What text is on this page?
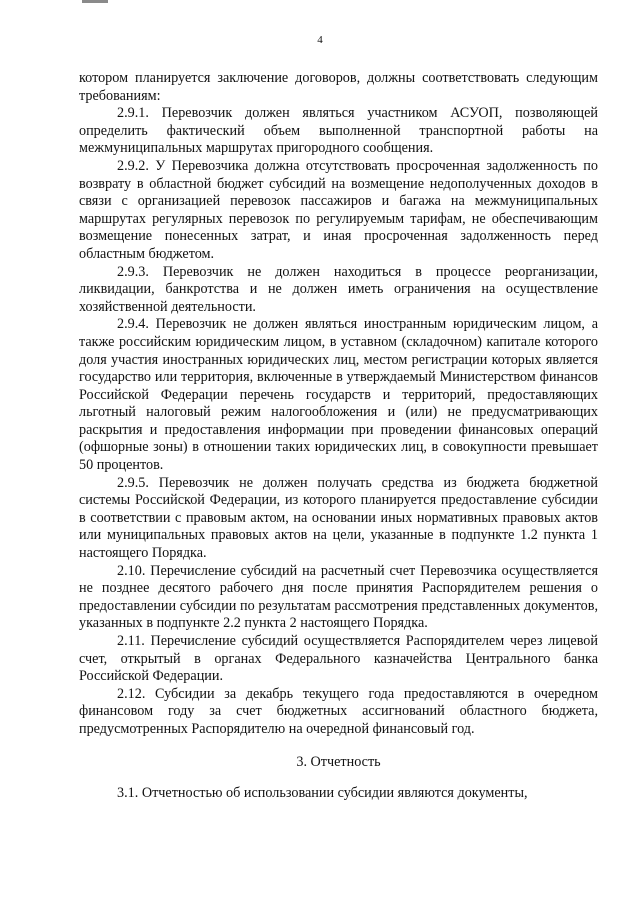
4

котором планируется заключение договоров, должны соответствовать следующим требованиям:

2.9.1. Перевозчик должен являться участником АСУОП, позволяющей определить фактический объем выполненной транспортной работы на межмуниципальных маршрутах пригородного сообщения.

2.9.2. У Перевозчика должна отсутствовать просроченная задолженность по возврату в областной бюджет субсидий на возмещение недополученных доходов в связи с организацией перевозок пассажиров и багажа на межмуниципальных маршрутах регулярных перевозок по регулируемым тарифам, не обеспечивающим возмещение понесенных затрат, и иная просроченная задолженность перед областным бюджетом.

2.9.3. Перевозчик не должен находиться в процессе реорганизации, ликвидации, банкротства и не должен иметь ограничения на осуществление хозяйственной деятельности.

2.9.4. Перевозчик не должен являться иностранным юридическим лицом, а также российским юридическим лицом, в уставном (складочном) капитале которого доля участия иностранных юридических лиц, местом регистрации которых является государство или территория, включенные в утверждаемый Министерством финансов Российской Федерации перечень государств и территорий, предоставляющих льготный налоговый режим налогообложения и (или) не предусматривающих раскрытия и предоставления информации при проведении финансовых операций (офшорные зоны) в отношении таких юридических лиц, в совокупности превышает 50 процентов.

2.9.5. Перевозчик не должен получать средства из бюджета бюджетной системы Российской Федерации, из которого планируется предоставление субсидии в соответствии с правовым актом, на основании иных нормативных правовых актов или муниципальных правовых актов на цели, указанные в подпункте 1.2 пункта 1 настоящего Порядка.

2.10. Перечисление субсидий на расчетный счет Перевозчика осуществляется не позднее десятого рабочего дня после принятия Распорядителем решения о предоставлении субсидии по результатам рассмотрения представленных документов, указанных в подпункте 2.2 пункта 2 настоящего Порядка.

2.11. Перечисление субсидий осуществляется Распорядителем через лицевой счет, открытый в органах Федерального казначейства Центрального банка Российской Федерации.

2.12. Субсидии за декабрь текущего года предоставляются в очередном финансовом году за счет бюджетных ассигнований областного бюджета, предусмотренных Распорядителю на очередной финансовый год.

3. Отчетность

3.1. Отчетностью об использовании субсидии являются документы,
